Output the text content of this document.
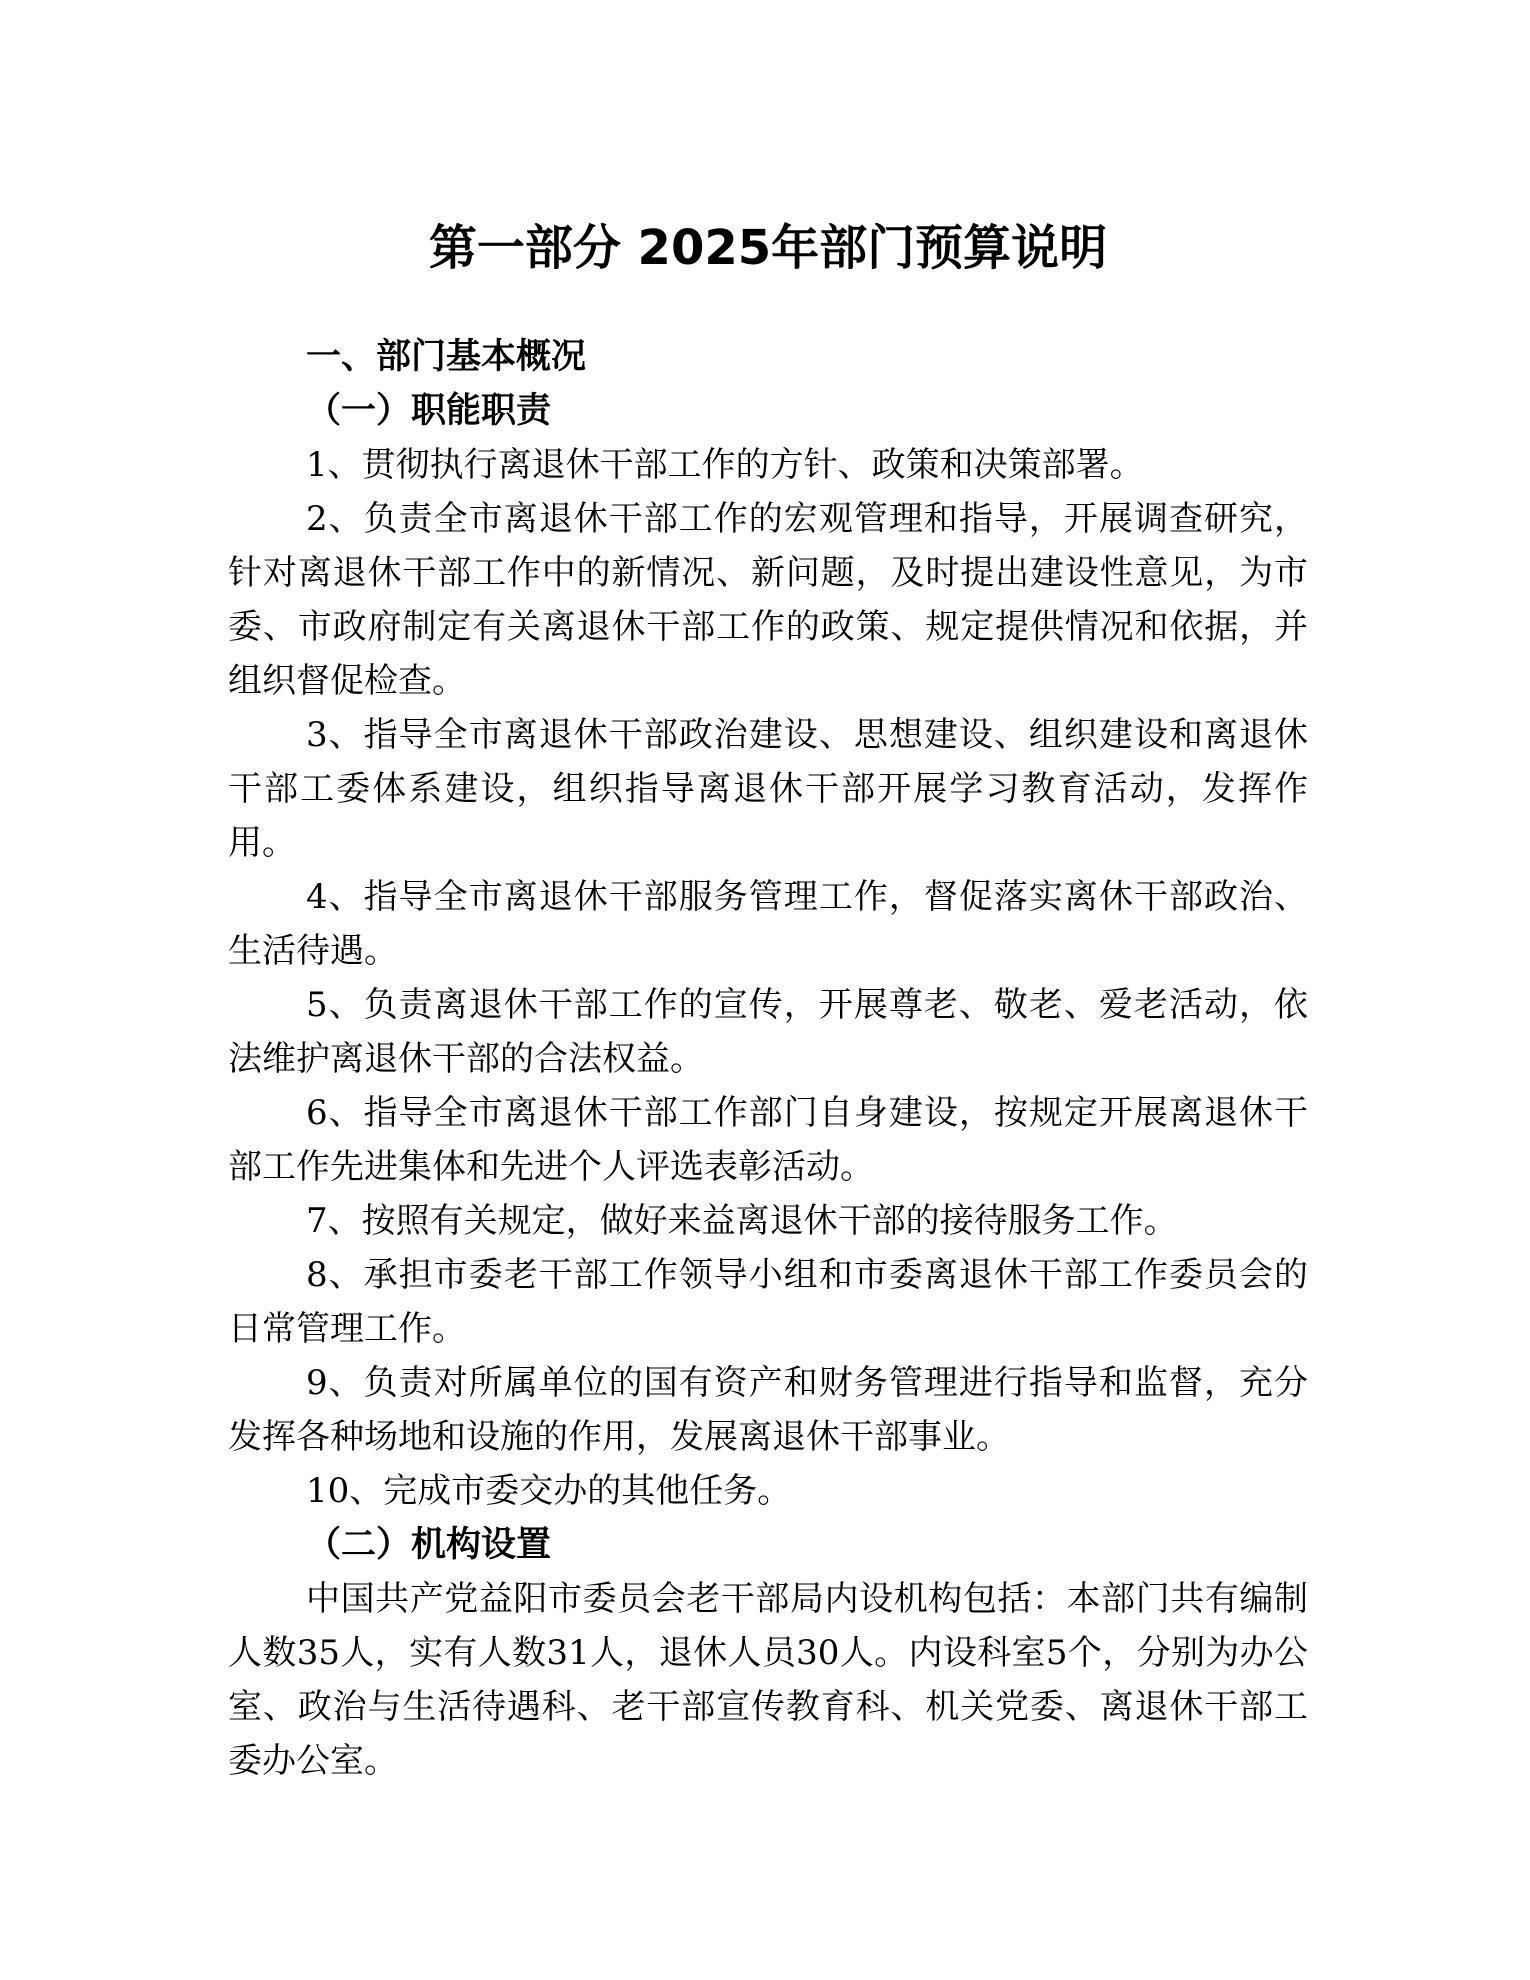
第一部分 2025年部门预算说明
一、部门基本概况
（一）职能职责

1、贯彻执行离退休干部工作的方针、政策和决策部署。

2、负责全市离退休干部工作的宏观管理和指导，开展调查研究，针对离退休干部工作中的新情况、新问题，及时提出建设性意见，为市委、市政府制定有关离退休干部工作的政策、规定提供情况和依据，并组织督促检查。

3、指导全市离退休干部政治建设、思想建设、组织建设和离退休干部工委体系建设，组织指导离退休干部开展学习教育活动，发挥作用。

4、指导全市离退休干部服务管理工作，督促落实离休干部政治、生活待遇。

5、负责离退休干部工作的宣传，开展尊老、敬老、爱老活动，依法维护离退休干部的合法权益。

6、指导全市离退休干部工作部门自身建设，按规定开展离退休干部工作先进集体和先进个人评选表彰活动。

7、按照有关规定，做好来益离退休干部的接待服务工作。

8、承担市委老干部工作领导小组和市委离退休干部工作委员会的日常管理工作。

9、负责对所属单位的国有资产和财务管理进行指导和监督，充分发挥各种场地和设施的作用，发展离退休干部事业。

10、完成市委交办的其他任务。

（二）机构设置

中国共产党益阳市委员会老干部局内设机构包括：本部门共有编制人数35人，实有人数31人，退休人员30人。内设科室5个，分别为办公室、政治与生活待遇科、老干部宣传教育科、机关党委、离退休干部工委办公室。
